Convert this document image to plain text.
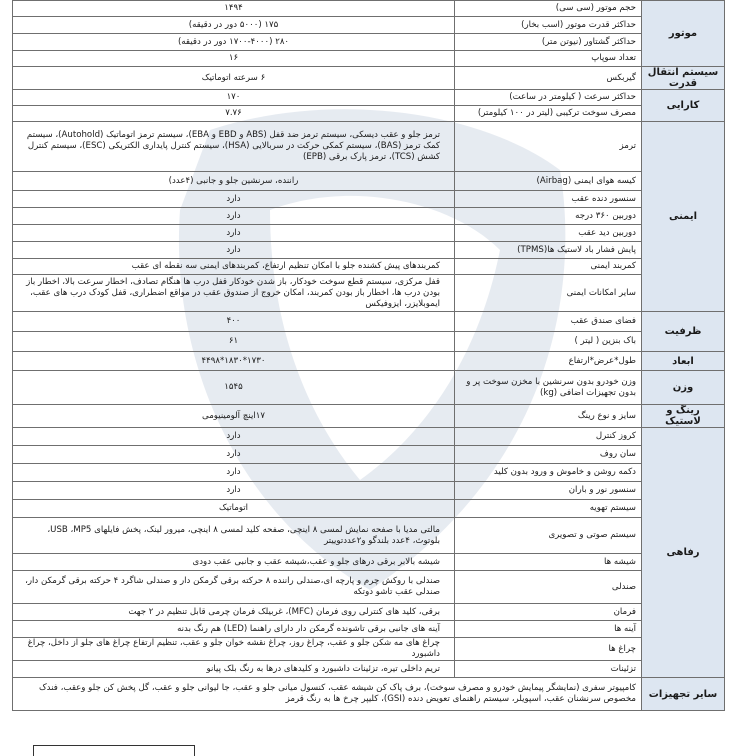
موتور	حجم موتور (سی سی)	۱۴۹۴
	حداکثر قدرت موتور (اسب بخار)	۱۷۵ (۵۰۰۰ دور در دقیقه)
	حداکثر گشتاور (نیوتن متر)	۲۸۰ (۱۷۰۰-۴۰۰۰ دور در دقیقه)
	تعداد سوپاپ	۱۶
سیستم انتقال قدرت	گیربکس	۶ سرعته اتوماتیک
کارایی	حداکثر سرعت ( کیلومتر در ساعت)	۱۷۰
	مصرف سوخت ترکیبی (لیتر در ۱۰۰ کیلومتر)	۷.۷۶
ایمنی	ترمز	ترمز جلو و عقب دیسکی، سیستم ترمز ضد قفل (ABS و EBD و EBA)، سیستم ترمز اتوماتیک (Autohold)، سیستم کمک ترمز (BAS)، سیستم کمکی حرکت در سربالایی (HSA)، سیستم کنترل پایداری الکتریکی (ESC)، سیستم کنترل کشش (TCS)، ترمز پارک برقی (EPB)
	کیسه هوای ایمنی (Airbag)	راننده، سرنشین جلو و جانبی (۴عدد)
	سنسور دنده عقب	دارد
	دوربین ۳۶۰ درجه	دارد
	دوربین دید عقب	دارد
	پایش فشار باد لاستیک ها(TPMS)	دارد
	کمربند ایمنی	کمربندهای پیش کشنده جلو با امکان تنظیم ارتفاع، کمربندهای ایمنی سه نقطه ای عقب
	سایر امکانات ایمنی	قفل مرکزی، سیستم قطع سوخت خودکار، باز شدن خودکار قفل درب ها هنگام تصادف، اخطار سرعت بالا، اخطار باز بودن درب ها، اخطار باز بودن کمربند، امکان خروج از صندوق عقب در مواقع اضطراری، قفل کودک درب های عقب، ایموبلایزر، ایزوفیکس
ظرفیت	فضای صندق عقب	۴۰۰
	باک بنزین ( لیتر )	۶۱
ابعاد	طول*عرض*ارتفاع	۱۷۳۰*۱۸۳۰*۴۴۹۸
وزن	وزن خودرو بدون سرنشین با مخزن سوخت پر و بدون تجهیزات اضافی (kg)	۱۵۴۵
رینگ و لاستیک	سایز و نوع رینگ	۱۷اینچ آلومینیومی
رفاهی	کروز کنترل	دارد
	سان روف	دارد
	دکمه روشن و خاموش و ورود بدون کلید	دارد
	سنسور نور و باران	دارد
	سیستم تهویه	اتوماتیک
	سیستم صوتی و تصویری	مالتی مدیا با صفحه نمایش لمسی ۸ اینچی، صفحه کلید لمسی ۸ اینچی، میرور لینک، پخش فایلهای USB ،MP5، بلوتوث، ۴عدد بلندگو و۲عددتوییتر
	شیشه ها	شیشه بالابر برقی درهای جلو و عقب،شیشه عقب و جانبی عقب دودی
	صندلی	صندلی با روکش چرم و پارچه ای،صندلی راننده ۸ حرکته برقی گرمکن دار و صندلی شاگرد ۴ حرکته برقی گرمکن دار، صندلی عقب تاشو دوتکه
	فرمان	برقی، کلید های کنترلی روی فرمان (MFC)، غربیلک فرمان چرمی قابل تنظیم در ۲ جهت
	آینه ها	آینه های جانبی برقی تاشونده گرمکن دار دارای راهنما (LED) هم رنگ بدنه
	چراغ ها	چراغ های مه شکن جلو و عقب، چراغ روز، چراغ نقشه خوان جلو و عقب، تنظیم ارتفاع چراغ های جلو از داخل، چراغ داشبورد
	تزئینات	تریم داخلی تیره، تزئینات داشبورد و کلیدهای درها به رنگ بلک پیانو
سایر تجهیزات	کامپیوتر سفری (نمایشگر پیمایش خودرو و مصرف سوخت)، برف پاک کن شیشه عقب، کنسول میانی جلو و عقب، جا لیوانی جلو و عقب، گل پخش کن جلو وعقب، فندک مخصوص سرنشنان عقب، اسپویلر، سیستم راهنمای تعویض دنده (GSI)، کلیپر چرخ ها به رنگ قرمز	
